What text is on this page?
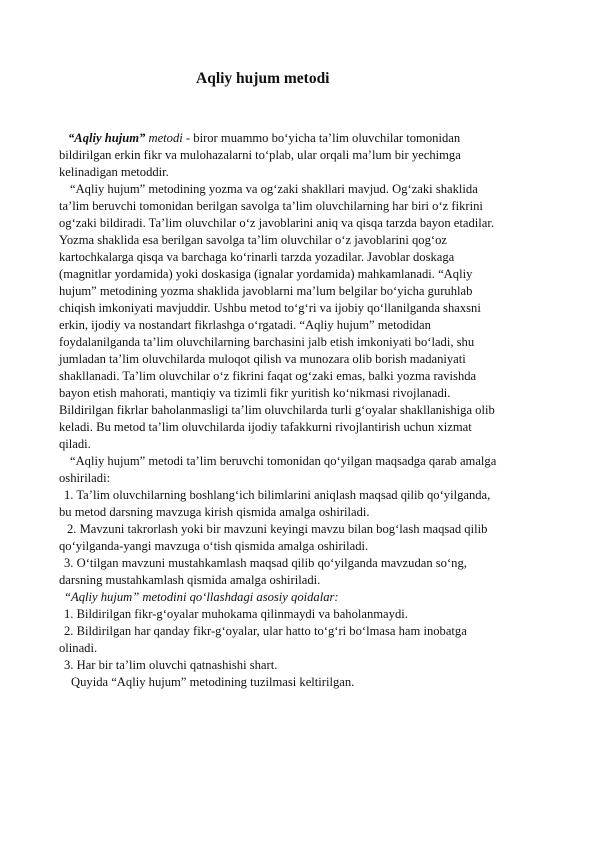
Aqliy hujum metodi
“Aqliy hujum” metodi - biror muammo bo‘yicha ta’lim oluvchilar tomonidan
bildirilgan erkin fikr va mulohazalarni to‘plab, ular orqali ma’lum bir yechimga
kelinadigan metoddir.
“Aqliy hujum” metodining yozma va og‘zaki shakllari mavjud. Og‘zaki shaklida
ta’lim beruvchi tomonidan berilgan savolga ta’lim oluvchilarning har biri o‘z fikrini
og‘zaki bildiradi. Ta’lim oluvchilar o‘z javoblarini aniq va qisqa tarzda bayon etadilar.
Yozma shaklida esa berilgan savolga ta’lim oluvchilar o‘z javoblarini qog‘oz
kartochkalarga qisqa va barchaga ko‘rinarli tarzda yozadilar. Javoblar doskaga
(magnitlar yordamida) yoki doskasiga (ignalar yordamida) mahkamlanadi. “Aqliy
hujum” metodining yozma shaklida javoblarni ma’lum belgilar bo‘yicha guruhlab
chiqish imkoniyati mavjuddir. Ushbu metod to‘g‘ri va ijobiy qo‘llanilganda shaxsni
erkin, ijodiy va nostandart fikrlashga o‘rgatadi. “Aqliy hujum” metodidan
foydalanilganda ta’lim oluvchilarning barchasini jalb etish imkoniyati bo‘ladi, shu
jumladan ta’lim oluvchilarda muloqot qilish va munozara olib borish madaniyati
shakllanadi. Ta’lim oluvchilar o‘z fikrini faqat og‘zaki emas, balki yozma ravishda
bayon etish mahorati, mantiqiy va tizimli fikr yuritish ko‘nikmasi rivojlanadi.
Bildirilgan fikrlar baholanmasligi ta’lim oluvchilarda turli g‘oyalar shakllanishiga olib
keladi. Bu metod ta’lim oluvchilarda ijodiy tafakkurni rivojlantirish uchun xizmat
qiladi.
“Aqliy hujum” metodi ta’lim beruvchi tomonidan qo‘yilgan maqsadga qarab amalga
oshiriladi:
1. Ta’lim oluvchilarning boshlang‘ich bilimlarini aniqlash maqsad qilib qo‘yilganda,
bu metod darsning mavzuga kirish qismida amalga oshiriladi.
2. Mavzuni takrorlash yoki bir mavzuni keyingi mavzu bilan bog‘lash maqsad qilib
qo‘yilganda-yangi mavzuga o‘tish qismida amalga oshiriladi.
3. O‘tilgan mavzuni mustahkamlash maqsad qilib qo‘yilganda mavzudan so‘ng,
darsning mustahkamlash qismida amalga oshiriladi.
“Aqliy hujum” metodini qo‘llashdagi asosiy qoidalar:
1. Bildirilgan fikr-g‘oyalar muhokama qilinmaydi va baholanmaydi.
2. Bildirilgan har qanday fikr-g‘oyalar, ular hatto to‘g‘ri bo‘lmasa ham inobatga
olinadi.
3. Har bir ta’lim oluvchi qatnashishi shart.
Quyida “Aqliy hujum” metodining tuzilmasi keltirilgan.
